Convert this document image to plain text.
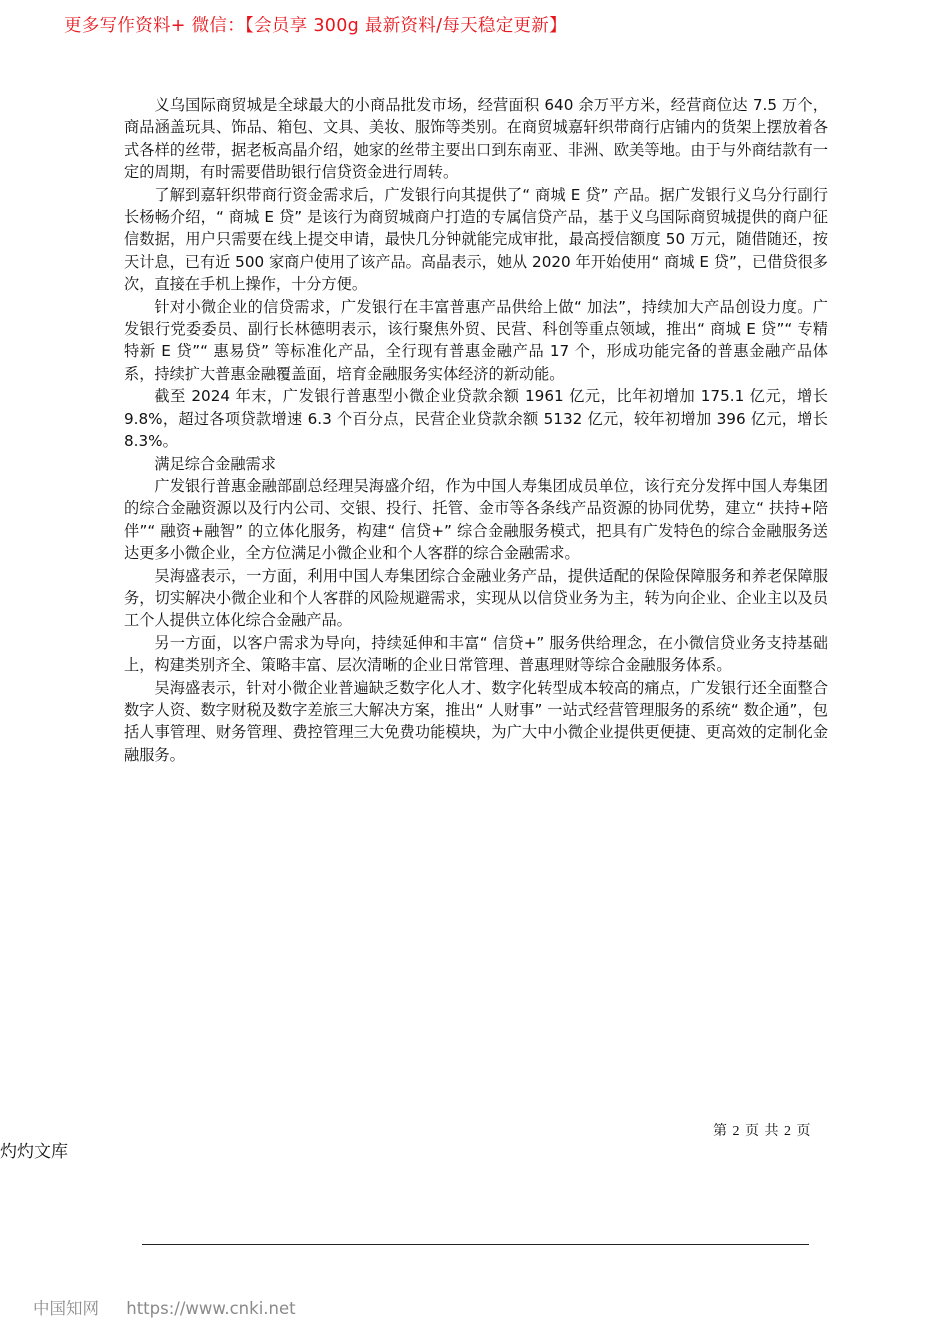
更多写作资料+ 微信：【会员享 300g 最新资料/每天稳定更新】

义乌国际商贸城是全球最大的小商品批发市场，经营面积 640 余万平方米，经营商位达 7.5 万个，商品涵盖玩具、饰品、箱包、文具、美妆、服饰等类别。在商贸城嘉轩织带商行店铺内的货架上摆放着各式各样的丝带，据老板高晶介绍，她家的丝带主要出口到东南亚、非洲、欧美等地。由于与外商结款有一定的周期，有时需要借助银行信贷资金进行周转。

了解到嘉轩织带商行资金需求后，广发银行向其提供了“ 商城 E 贷” 产品。据广发银行义乌分行副行长杨畅介绍，“ 商城 E 贷” 是该行为商贸城商户打造的专属信贷产品，基于义乌国际商贸城提供的商户征信数据，用户只需要在线上提交申请，最快几分钟就能完成审批，最高授信额度 50 万元，随借随还，按天计息，已有近 500 家商户使用了该产品。高晶表示，她从 2020 年开始使用“ 商城 E 贷”，已借贷很多次，直接在手机上操作，十分方便。

针对小微企业的信贷需求，广发银行在丰富普惠产品供给上做“ 加法”，持续加大产品创设力度。广发银行党委委员、副行长林德明表示，该行聚焦外贸、民营、科创等重点领域，推出“ 商城 E 贷”“ 专精特新 E 贷”“ 惠易贷” 等标准化产品，全行现有普惠金融产品 17 个，形成功能完备的普惠金融产品体系，持续扩大普惠金融覆盖面，培育金融服务实体经济的新动能。

截至 2024 年末，广发银行普惠型小微企业贷款余额 1961 亿元，比年初增加 175.1 亿元，增长 9.8%，超过各项贷款增速 6.3 个百分点，民营企业贷款余额 5132 亿元，较年初增加 396 亿元，增长 8.3%。

满足综合金融需求

广发银行普惠金融部副总经理吴海盛介绍，作为中国人寿集团成员单位，该行充分发挥中国人寿集团的综合金融资源以及行内公司、交银、投行、托管、金市等各条线产品资源的协同优势，建立“ 扶持+陪伴”“ 融资+融智” 的立体化服务，构建“ 信贷+” 综合金融服务模式，把具有广发特色的综合金融服务送达更多小微企业，全方位满足小微企业和个人客群的综合金融需求。

吴海盛表示，一方面，利用中国人寿集团综合金融业务产品，提供适配的保险保障服务和养老保障服务，切实解决小微企业和个人客群的风险规避需求，实现从以信贷业务为主，转为向企业、企业主以及员工个人提供立体化综合金融产品。

另一方面，以客户需求为导向，持续延伸和丰富“ 信贷+” 服务供给理念，在小微信贷业务支持基础上，构建类别齐全、策略丰富、层次清晰的企业日常管理、普惠理财等综合金融服务体系。

吴海盛表示，针对小微企业普遍缺乏数字化人才、数字化转型成本较高的痛点，广发银行还全面整合数字人资、数字财税及数字差旅三大解决方案，推出“ 人财事” 一站式经营管理服务的系统“ 数企通”，包括人事管理、财务管理、费控管理三大免费功能模块，为广大中小微企业提供更便捷、更高效的定制化金融服务。

第 2 页 共 2 页
灼灼文库
中国知网 https://www.cnki.net
